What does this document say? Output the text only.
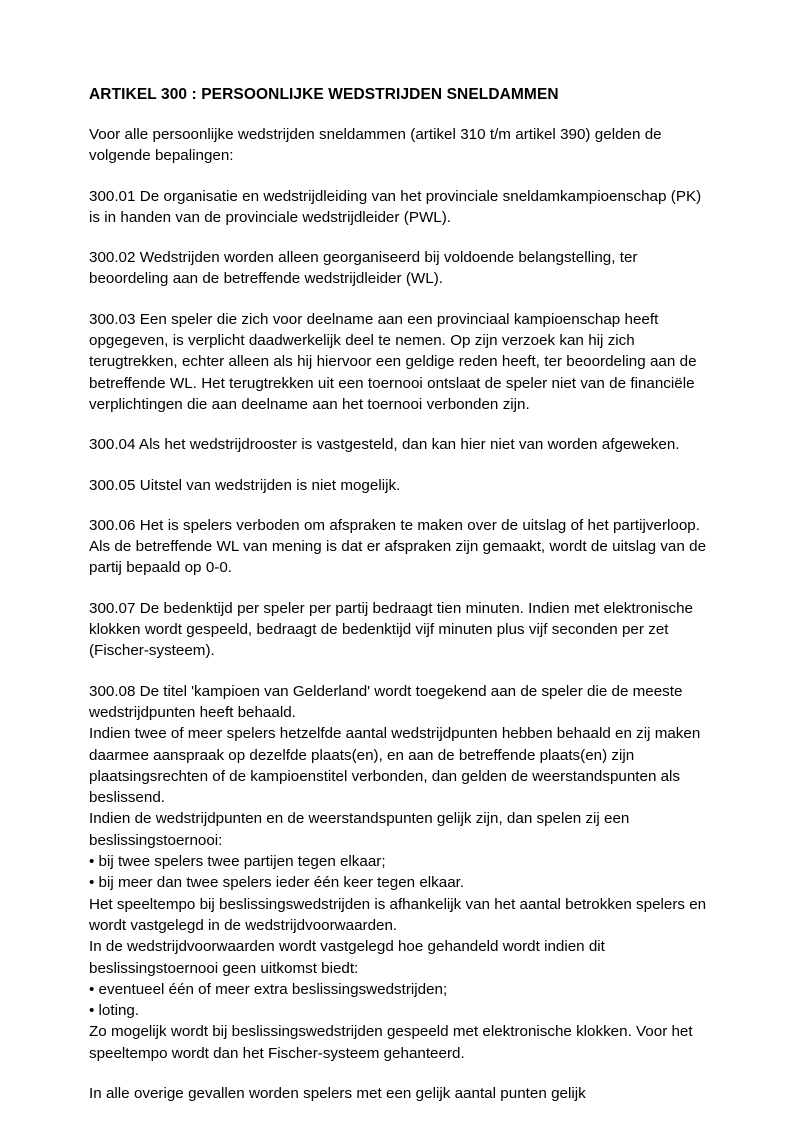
ARTIKEL 300 : PERSOONLIJKE WEDSTRIJDEN SNELDAMMEN

Voor alle persoonlijke wedstrijden sneldammen (artikel 310 t/m artikel 390) gelden de volgende bepalingen:

300.01 De organisatie en wedstrijdleiding van het provinciale sneldamkampioenschap (PK) is in handen van de provinciale wedstrijdleider (PWL).

300.02 Wedstrijden worden alleen georganiseerd bij voldoende belangstelling, ter beoordeling aan de betreffende wedstrijdleider (WL).

300.03 Een speler die zich voor deelname aan een provinciaal kampioenschap heeft opgegeven, is verplicht daadwerkelijk deel te nemen. Op zijn verzoek kan hij zich terugtrekken, echter alleen als hij hiervoor een geldige reden heeft, ter beoordeling aan de betreffende WL. Het terugtrekken uit een toernooi ontslaat de speler niet van de financiële verplichtingen die aan deelname aan het toernooi verbonden zijn.

300.04 Als het wedstrijdrooster is vastgesteld, dan kan hier niet van worden afgeweken.

300.05 Uitstel van wedstrijden is niet mogelijk.

300.06 Het is spelers verboden om afspraken te maken over de uitslag of het partijverloop. Als de betreffende WL van mening is dat er afspraken zijn gemaakt, wordt de uitslag van de partij bepaald op 0-0.

300.07 De bedenktijd per speler per partij bedraagt tien minuten. Indien met elektronische klokken wordt gespeeld, bedraagt de bedenktijd vijf minuten plus vijf seconden per zet (Fischer-systeem).

300.08 De titel 'kampioen van Gelderland' wordt toegekend aan de speler die de meeste wedstrijdpunten heeft behaald.
Indien twee of meer spelers hetzelfde aantal wedstrijdpunten hebben behaald en zij maken daarmee aanspraak op dezelfde plaats(en), en aan de betreffende plaats(en) zijn plaatsingsrechten of de kampioenstitel verbonden, dan gelden de weerstandspunten als beslissend.
Indien de wedstrijdpunten en de weerstandspunten gelijk zijn, dan spelen zij een beslissingstoernooi:
• bij twee spelers twee partijen tegen elkaar;
• bij meer dan twee spelers ieder één keer tegen elkaar.
Het speeltempo bij beslissingswedstrijden is afhankelijk van het aantal betrokken spelers en wordt vastgelegd in de wedstrijdvoorwaarden.
In de wedstrijdvoorwaarden wordt vastgelegd hoe gehandeld wordt indien dit beslissingstoernooi geen uitkomst biedt:
• eventueel één of meer extra beslissingswedstrijden;
• loting.
Zo mogelijk wordt bij beslissingswedstrijden gespeeld met elektronische klokken. Voor het speeltempo wordt dan het Fischer-systeem gehanteerd.

In alle overige gevallen worden spelers met een gelijk aantal punten gelijk
